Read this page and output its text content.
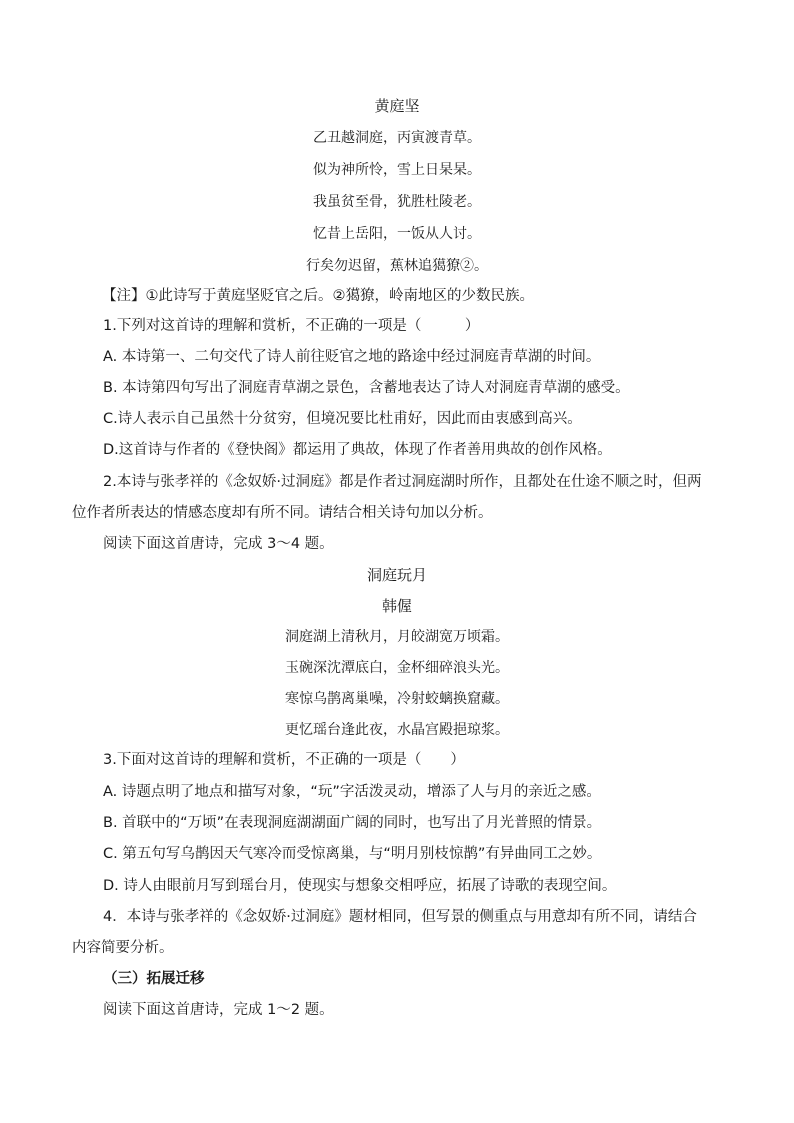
黄庭坚
乙丑越洞庭，丙寅渡青草。
似为神所怜，雪上日杲杲。
我虽贫至骨，犹胜杜陵老。
忆昔上岳阳，一饭从人讨。
行矣勿迟留，蕉林追獦獠②。
【注】①此诗写于黄庭坚贬官之后。②獦獠，岭南地区的少数民族。
1.下列对这首诗的理解和赏析，不正确的一项是（　　　）
A. 本诗第一、二句交代了诗人前往贬官之地的路途中经过洞庭青草湖的时间。
B. 本诗第四句写出了洞庭青草湖之景色，含蓄地表达了诗人对洞庭青草湖的感受。
C.诗人表示自己虽然十分贫穷，但境况要比杜甫好，因此而由衷感到高兴。
D.这首诗与作者的《登快阁》都运用了典故，体现了作者善用典故的创作风格。
2.本诗与张孝祥的《念奴娇·过洞庭》都是作者过洞庭湖时所作，且都处在仕途不顺之时，但两
位作者所表达的情感态度却有所不同。请结合相关诗句加以分析。
阅读下面这首唐诗，完成 3～4 题。
洞庭玩月
韩偓
洞庭湖上清秋月，月皎湖宽万顷霜。
玉碗深沈潭底白，金杯细碎浪头光。
寒惊乌鹊离巢噪，冷射蛟螭换窟藏。
更忆瑶台逢此夜，水晶宫殿挹琼浆。
3.下面对这首诗的理解和赏析，不正确的一项是（　　）
A. 诗题点明了地点和描写对象，“玩”字活泼灵动，增添了人与月的亲近之感。
B. 首联中的“万顷”在表现洞庭湖湖面广阔的同时，也写出了月光普照的情景。
C. 第五句写乌鹊因天气寒冷而受惊离巢，与“明月别枝惊鹊”有异曲同工之妙。
D. 诗人由眼前月写到瑶台月，使现实与想象交相呼应，拓展了诗歌的表现空间。
4．本诗与张孝祥的《念奴娇·过洞庭》题材相同，但写景的侧重点与用意却有所不同，请结合
内容简要分析。
（三）拓展迁移
阅读下面这首唐诗，完成 1～2 题。
